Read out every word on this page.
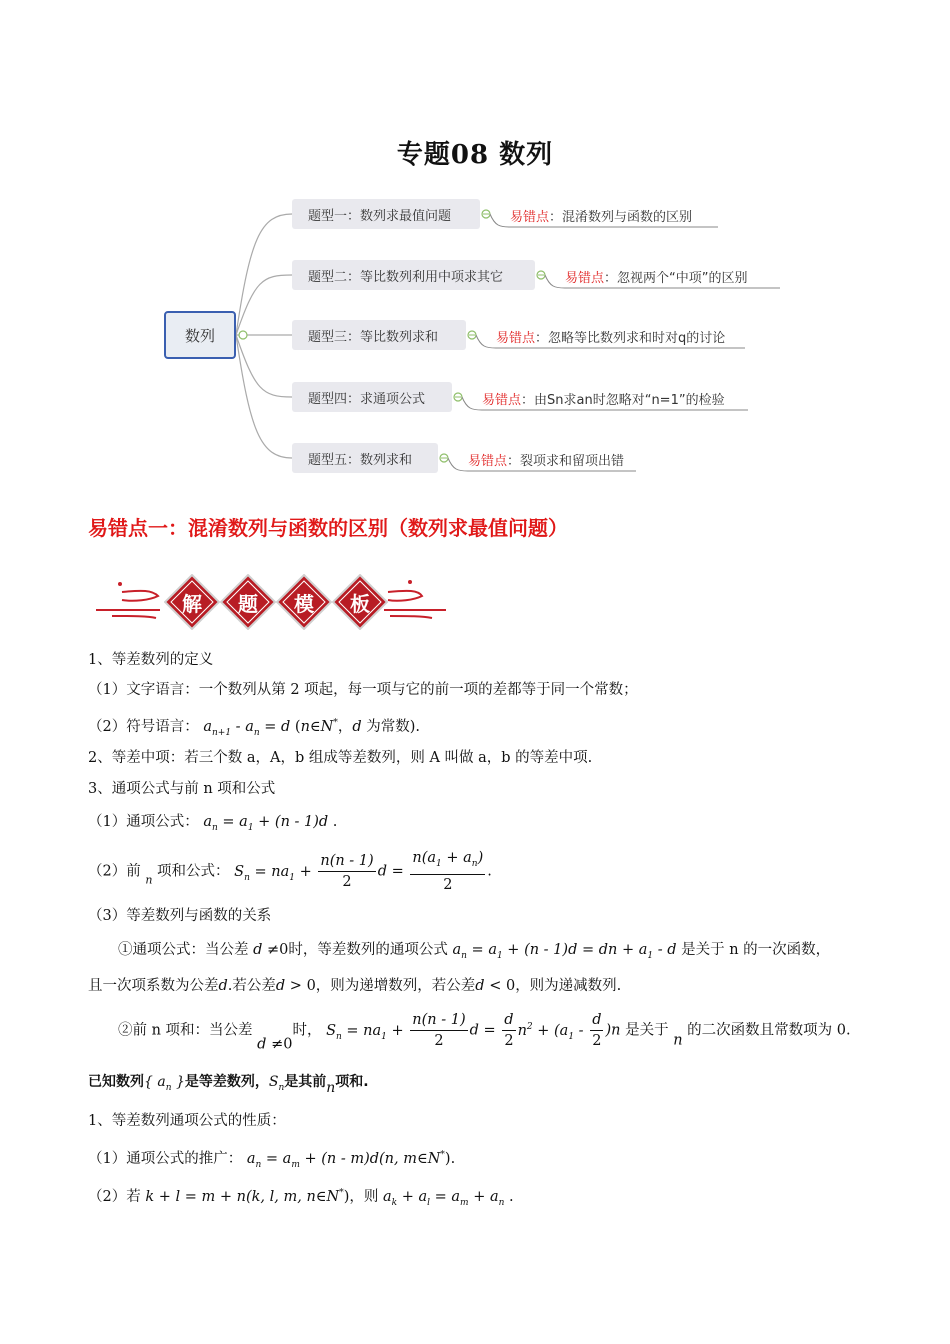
专题08 数列
数列
题型一：数列求最值问题
题型二：等比数列利用中项求其它
题型三：等比数列求和
题型四：求通项公式
题型五：数列求和
易错点：混淆数列与函数的区别
易错点：忽视两个“中项”的区别
易错点：忽略等比数列求和时对q的讨论
易错点：由Sn求an时忽略对“n=1”的检验
易错点：裂项求和留项出错
易错点一：混淆数列与函数的区别（数列求最值问题）
解	题	模	板
1、等差数列的定义
（1）文字语言：一个数列从第 2 项起，每一项与它的前一项的差都等于同一个常数；
（2）符号语言： $a_{n+1} - a_n = d$ (n∈N*，d 为常数).
2、等差中项：若三个数 a，A，b 组成等差数列，则 A 叫做 a，b 的等差中项.
3、通项公式与前 n 项和公式
（1）通项公式： $a_n = a_1 + (n - 1)d$ .
（2）前 $_n$ 项和公式： $S_n = na_1 + \frac{n(n - 1)}{2}$ $d = \frac{n(a_1 + a_n)}{2}$ .
（3）等差数列与函数的关系
①通项公式：当公差 d ≠0时，等差数列的通项公式 $a_n = a_1 + (n - 1)d$ = dn + $a_1$ - d 是关于 n 的一次函数，
且一次项系数为公差d.若公差d > 0，则为递增数列，若公差d < 0，则为递减数列.
②前 n 项和：当公差 d ≠0时， $S_n = na_1 + \frac{n(n - 1)}{2}$ $d = \frac{d}{2} n^2 + (a_1 - \frac{d}{2} )n$ 是关于 n 的二次函数且常数项为 0.
已知数列{ $a_n$ }是等差数列，$S_n$是其前n项和.
1、等差数列通项公式的性质：
（1）通项公式的推广： $a_n = a_m + (n - m)d(n$, m∈N*).
（2）若 k + l = m + n(k, l, m, n∈N*)，则 $a_k + a_l = a_m + a_n$ .
